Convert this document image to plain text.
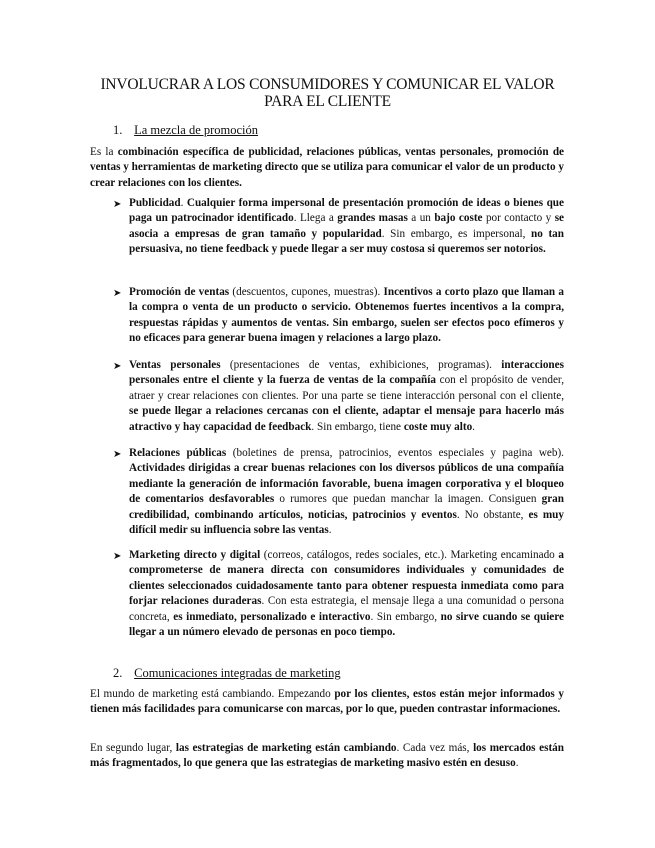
INVOLUCRAR A LOS CONSUMIDORES Y COMUNICAR EL VALOR
PARA EL CLIENTE
1. La mezcla de promoción
Es la combinación específica de publicidad, relaciones públicas, ventas personales, promoción de ventas y herramientas de marketing directo que se utiliza para comunicar el valor de un producto y crear relaciones con los clientes.
➤ Publicidad. Cualquier forma impersonal de presentación promoción de ideas o bienes que paga un patrocinador identificado. Llega a grandes masas a un bajo coste por contacto y se asocia a empresas de gran tamaño y popularidad. Sin embargo, es impersonal, no tan persuasiva, no tiene feedback y puede llegar a ser muy costosa si queremos ser notorios.
➤ Promoción de ventas (descuentos, cupones, muestras). Incentivos a corto plazo que llaman a la compra o venta de un producto o servicio. Obtenemos fuertes incentivos a la compra, respuestas rápidas y aumentos de ventas. Sin embargo, suelen ser efectos poco efímeros y no eficaces para generar buena imagen y relaciones a largo plazo.
➤ Ventas personales (presentaciones de ventas, exhibiciones, programas). interacciones personales entre el cliente y la fuerza de ventas de la compañía con el propósito de vender, atraer y crear relaciones con clientes. Por una parte se tiene interacción personal con el cliente, se puede llegar a relaciones cercanas con el cliente, adaptar el mensaje para hacerlo más atractivo y hay capacidad de feedback. Sin embargo, tiene coste muy alto.
➤ Relaciones públicas (boletines de prensa, patrocinios, eventos especiales y pagina web). Actividades dirigidas a crear buenas relaciones con los diversos públicos de una compañía mediante la generación de información favorable, buena imagen corporativa y el bloqueo de comentarios desfavorables o rumores que puedan manchar la imagen. Consiguen gran credibilidad, combinando artículos, noticias, patrocinios y eventos. No obstante, es muy difícil medir su influencia sobre las ventas.
➤ Marketing directo y digital (correos, catálogos, redes sociales, etc.). Marketing encaminado a comprometerse de manera directa con consumidores individuales y comunidades de clientes seleccionados cuidadosamente tanto para obtener respuesta inmediata como para forjar relaciones duraderas. Con esta estrategia, el mensaje llega a una comunidad o persona concreta, es inmediato, personalizado e interactivo. Sin embargo, no sirve cuando se quiere llegar a un número elevado de personas en poco tiempo.
2. Comunicaciones integradas de marketing
El mundo de marketing está cambiando. Empezando por los clientes, estos están mejor informados y tienen más facilidades para comunicarse con marcas, por lo que, pueden contrastar informaciones.
En segundo lugar, las estrategias de marketing están cambiando. Cada vez más, los mercados están más fragmentados, lo que genera que las estrategias de marketing masivo estén en desuso.
